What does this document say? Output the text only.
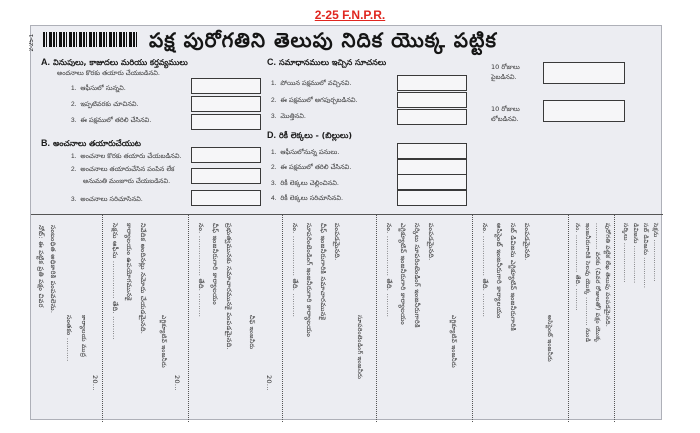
2-25 F.N.P.R.
2-25-1	పక్ష పురోగతిని తెలుపు నిదిక యొక్క పట్టిక
A. వినుపులు, కాజుదలు మరియు కర్తవ్యములు
అందనాలు కొరకు తయారు చేయబడినవి.
1. ఆఫీసులో సున్నవి.
2. ఇప్పటివరకు చూచినవి.
3. ఈ పక్షములో తరిలి చేసినవి.
B. అంచనాలు తయారుచేయుట
1. అంచనాల కొరకు తయారు చేయబడినవి.
2. అంచనాలు తయారుచేసిన పంపిన లేక
అనుమతి మంజూరు చేయబడినవి.
3. అంచనాలు సరిచూసినవి.
C. సమాధానములు ఇచ్చిన సూచనలు
1. పోయిన పక్షములో వచ్చినవి.
2. ఈ పక్షములో అగపుర్చబడినవి.
3. మొత్తినవి.
D. రికీ లెక్కలు - (బిల్లులు)
1. ఆఫీసులోనున్న పనులు.
2. ఈ పక్షములో తరిలి చేసినవి.
3. రికీ లెక్కలు చెల్లించినవి.
4. రికీ లెక్కలు సరిచూసినవి.
10 రోజులు
పైబడినవి.
10 రోజులు
లోబడినవి.
నోట్: ఈ పట్టిక ప్రతి పక్షం చివర సంబంధిత అధికారికి పంపవలెను.
సంతకం .......... కార్యాలయ ముద్ర
20...
సెక్షను ఆఫీసు ................ తేది. .......... కార్యాలయం ఉపయోగమునకై నివేదిక అందినట్లు నమోదు చేయడమైనది.
ఎగ్జిక్యూటివ్ ఇంజనీరు
20...
నం. ................. తేది. .......... చీఫ్ ఇంజనీరుగారి కార్యాలయం ప్రభుత్వమునకు సమాచారమునకై పంపడమైనది.	చీఫ్ ఇంజనీరు
20...
నం. ................. తేది. .......... సూపరింటెండింగ్ ఇంజనీరుగారి కార్యాలయం చీఫ్ ఇంజనీరుగారికి సమాచారమునకై పంపడమైనది.
సూపరింటెండింగ్ ఇంజనీరు
నం. ................. తేది. .......... ఎగ్జిక్యూటివ్ ఇంజనీరుగారి కార్యాలయం సర్కిలు సూపరింటెండింగ్ ఇంజనీరుగారికి పంపడమైనది.
ఎగ్జిక్యూటివ్ ఇంజనీరు
నం. ................. తేది. .......... అసిస్టెంట్ ఇంజనీరుగారి కార్యాలయం సబ్ డివిజను ఎగ్జిక్యూటివ్ ఇంజనీరుగారికి పంపడమైనది.
అసిస్టెంట్ ఇంజనీరు
నం. ................. తేది. .......... ఇంజనీరుగారికి సెలవు యొక్క ............. నుండి ............ వరకు (చివర రోజులతో) పక్షం యొక్క పురోగతి పట్టిక లేఖ తెలుపు పంపడమైనది. సర్కిలు .................. డివిజను ................. సబ్ డివిజను .............. సెక్షను ...................
